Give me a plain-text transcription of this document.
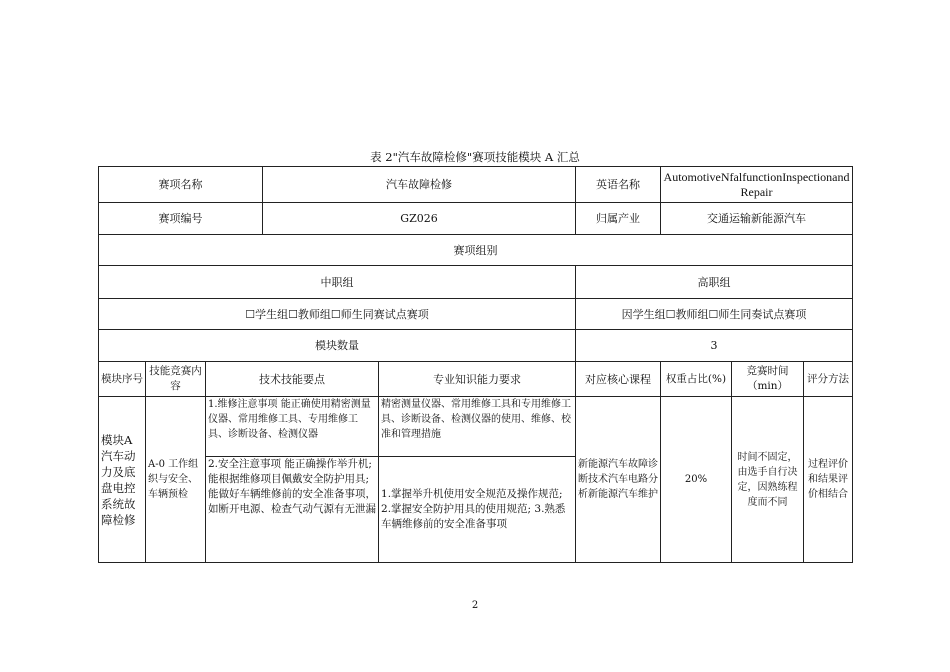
表 2"汽车故障检修"赛项技能模块 A 汇总
赛项名称			汽车故障检修		英语名称	AutomotiveNfalfunctionInspectionandRepair		
赛项编号			GZ026		归属产业	交通运输新能源汽车		
赛项组别								
中职组					高职组			
☐学生组☐教师组☐师生同赛试点赛项					因学生组☐教师组☐师生同奏试点赛项			
模块数量					3			
模块序号	技能竞赛内容	技术技能要点		专业知识能力要求	对应核心课程	权重占比(%)	竞赛时间（min）	评分方法
模块A汽车动力及底盘电控系统故障检修	A-0 工作组织与安全、车辆预检	1.维修注意事项 能正确使用精密测量仪器、常用维修工具、专用维修工具、诊断设备、检测仪器		精密测量仪器、常用维修工具和专用维修工具、诊断设备、检测仪器的使用、维修、校准和管理措施	新能源汽车故障诊断技术汽车电路分析新能源汽车维护	20%	时间不固定，由选手自行决定，因熟练程度而不同	过程评价和结果评价相结合
		2.安全注意事项 能正确操作举升机; 能根据维修项目佩戴安全防护用具; 能做好车辆维修前的安全准备事项，如断开电源、检查气动气源有无泄漏		1.掌握举升机使用安全规范及操作规范; 2.掌握安全防护用具的使用规范; 3.熟悉车辆维修前的安全准备事项				
2
